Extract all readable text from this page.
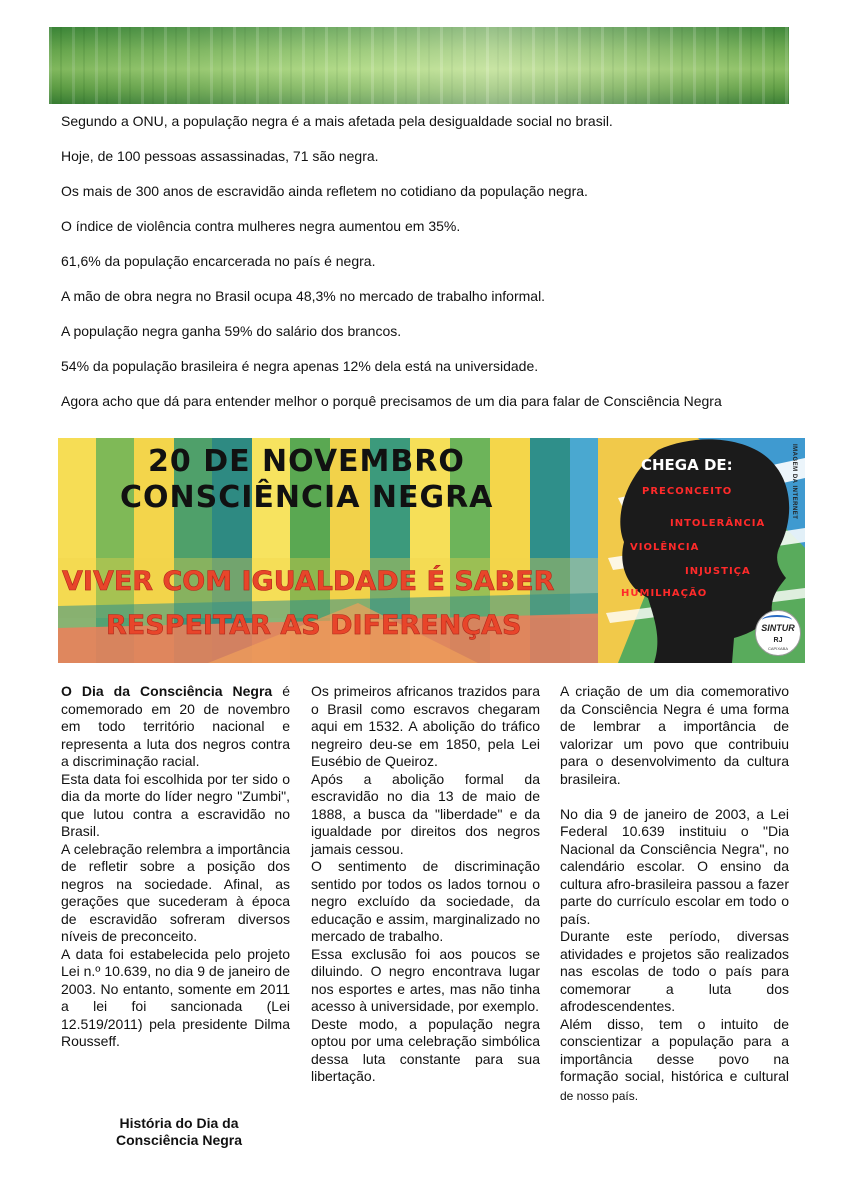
Segundo a ONU, a população negra é a mais afetada pela desigualdade social no brasil.

Hoje, de 100 pessoas assassinadas, 71 são negra.

Os mais de 300 anos de escravidão ainda refletem no cotidiano da população negra.

O índice de violência contra mulheres negra aumentou em 35%.

61,6% da população encarcerada no país é negra.

A mão de obra negra no Brasil ocupa 48,3% no mercado de trabalho informal.

A população negra ganha 59% do salário dos brancos.

54% da população brasileira é negra apenas 12% dela está na universidade.

Agora acho que dá para entender melhor o porquê precisamos de um dia para falar de Consciência Negra

20 DE NOVEMBRO
CONSCIÊNCIA NEGRA
VIVER COM IGUALDADE É SABER
RESPEITAR AS DIFERENÇAS
CHEGA DE:
PRECONCEITO
INTOLERÂNCIA
VIOLÊNCIA
INJUSTIÇA
HUMILHAÇÃO
IMAGEM DA INTERNET
SINTUR
RJ
CAPIXABA

O Dia da Consciência Negra é comemorado em 20 de novembro em todo território nacional e representa a luta dos negros contra a discriminação racial.

Esta data foi escolhida por ter sido o dia da morte do líder negro "Zumbi", que lutou contra a escravidão no Brasil.

A celebração relembra a importância de refletir sobre a posição dos negros na sociedade. Afinal, as gerações que sucederam à época de escravidão sofreram diversos níveis de preconceito.

A data foi estabelecida pelo projeto Lei n.º 10.639, no dia 9 de janeiro de 2003. No entanto, somente em 2011 a lei foi sancionada (Lei 12.519/2011) pela presidente Dilma Rousseff.

História do Dia da Consciência Negra

Os primeiros africanos trazidos para o Brasil como escravos chegaram aqui em 1532. A abolição do tráfico negreiro deu-se em 1850, pela Lei Eusébio de Queiroz.

Após a abolição formal da escravidão no dia 13 de maio de 1888, a busca da "liberdade" e da igualdade por direitos dos negros jamais cessou.

O sentimento de discriminação sentido por todos os lados tornou o negro excluído da sociedade, da educação e assim, marginalizado no mercado de trabalho.

Essa exclusão foi aos poucos se diluindo. O negro encontrava lugar nos esportes e artes, mas não tinha acesso à universidade, por exemplo.

Deste modo, a população negra optou por uma celebração simbólica dessa luta constante para sua libertação.

A criação de um dia comemorativo da Consciência Negra é uma forma de lembrar a importância de valorizar um povo que contribuiu para o desenvolvimento da cultura brasileira.

No dia 9 de janeiro de 2003, a Lei Federal 10.639 instituiu o "Dia Nacional da Consciência Negra", no calendário escolar. O ensino da cultura afro-brasileira passou a fazer parte do currículo escolar em todo o país.

Durante este período, diversas atividades e projetos são realizados nas escolas de todo o país para comemorar a luta dos afrodescendentes.

Além disso, tem o intuito de conscientizar a população para a importância desse povo na formação social, histórica e cultural de nosso país.
